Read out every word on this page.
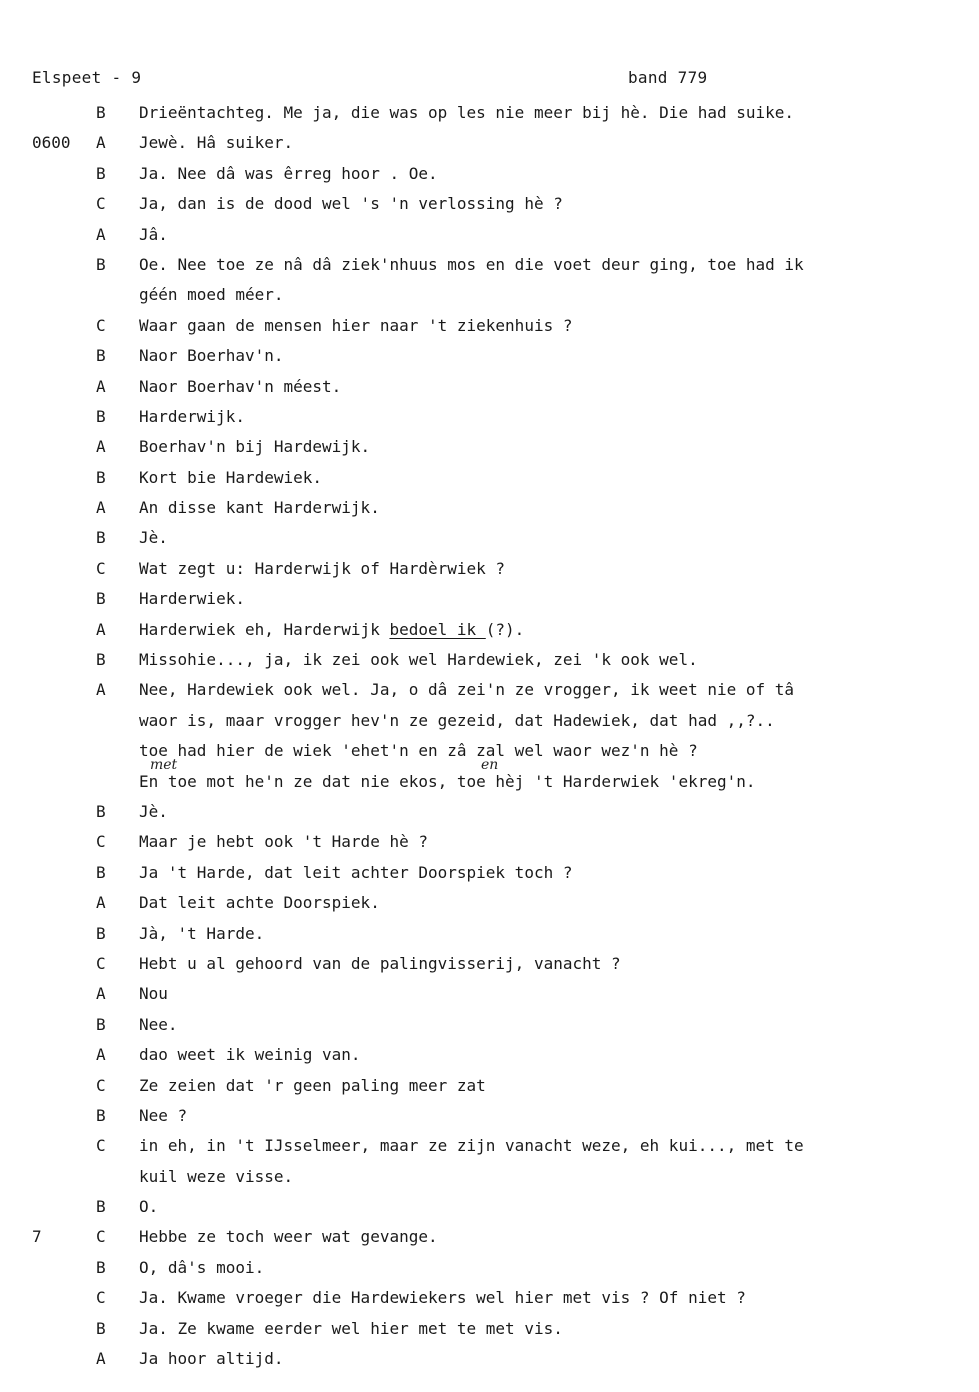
Elspeet - 9	band 779
B	Drieëntachteg. Me ja, die was op les nie meer bij hè. Die had suike.
0600	A	Jewè. Hâ suiker.
B	Ja. Nee dâ was êrreg hoor . Oe.
C	Ja, dan is de dood wel 's 'n verlossing hè ?
A	Jâ.
B	Oe. Nee toe ze nâ dâ ziek'nhuus mos en die voet deur ging, toe had ik
géén moed méer.
C	Waar gaan de mensen hier naar 't ziekenhuis ?
B	Naor Boerhav'n.
A	Naor Boerhav'n méest.
B	Harderwijk.
A	Boerhav'n bij Hardewijk.
B	Kort bie Hardewiek.
A	An disse kant Harderwijk.
B	Jè.
C	Wat zegt u: Harderwijk of Hardèrwiek ?
B	Harderwiek.
A	Harderwiek eh, Harderwijk bedoel ik (?).
B	Missohie..., ja, ik zei ook wel Hardewiek, zei 'k ook wel.
A	Nee, Hardewiek ook wel. Ja, o dâ zei'n ze vrogger, ik weet nie of tâ
waor is, maar vrogger hev'n ze gezeid, dat Hadewiek, dat had ,,?..
toe had hier de wiek 'ehet'n en zâ zal wel waor wez'n hè ?
En toe mot he'n ze dat nie ekos, toe hèj 't Harderwiek 'ekreg'n.
B	Jè.
C	Maar je hebt ook 't Harde hè ?
B	Ja 't Harde, dat leit achter Doorspiek toch ?
A	Dat leit achte Doorspiek.
B	Jà, 't Harde.
C	Hebt u al gehoord van de palingvisserij, vanacht ?
A	Nou
B	Nee.
A	dao weet ik weinig van.
C	Ze zeien dat 'r geen paling meer zat
B	Nee ?
C	in eh, in 't IJsselmeer, maar ze zijn vanacht weze, eh kui..., met te
kuil weze visse.
B	O.
7	C	Hebbe ze toch weer wat gevange.
B	O, dâ's mooi.
C	Ja. Kwame vroeger die Hardewiekers wel hier met vis ? Of niet ?
B	Ja. Ze kwame eerder wel hier met te met vis.
A	Ja hoor altijd.
met	en
